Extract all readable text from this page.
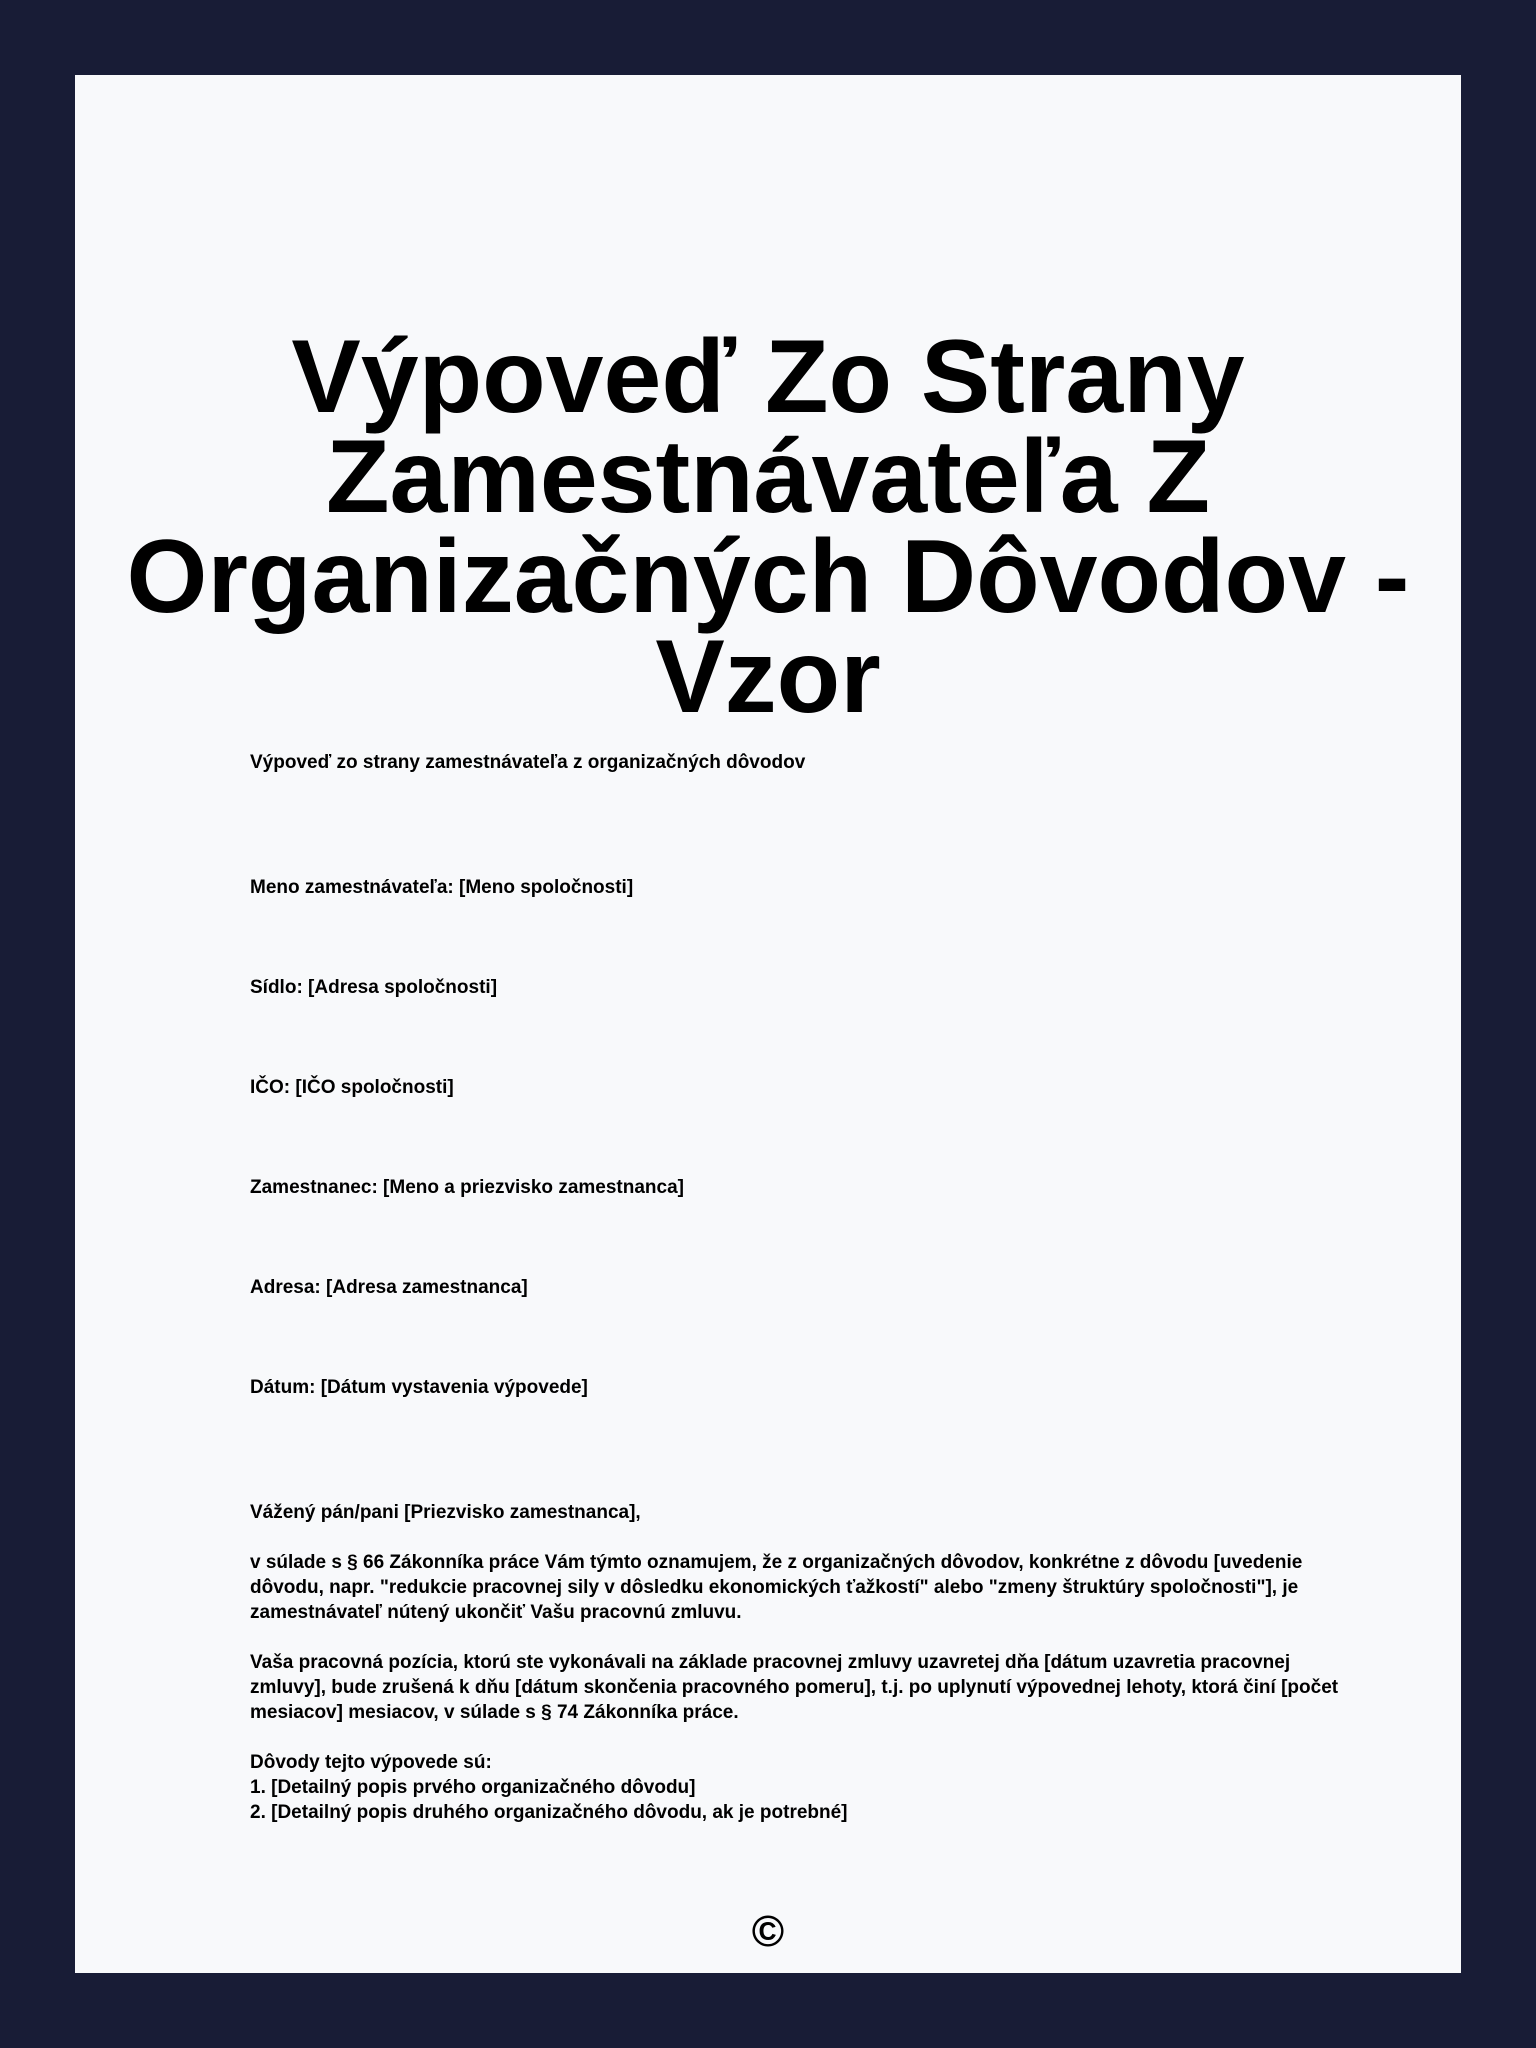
Výpoveď Zo Strany Zamestnávateľa Z Organizačných Dôvodov - Vzor

Výpoveď zo strany zamestnávateľa z organizačných dôvodov

Meno zamestnávateľa: [Meno spoločnosti]

Sídlo: [Adresa spoločnosti]

IČO: [IČO spoločnosti]

Zamestnanec: [Meno a priezvisko zamestnanca]

Adresa: [Adresa zamestnanca]

Dátum: [Dátum vystavenia výpovede]

Vážený pán/pani [Priezvisko zamestnanca],

v súlade s § 66 Zákonníka práce Vám týmto oznamujem, že z organizačných dôvodov, konkrétne z dôvodu [uvedenie dôvodu, napr. "redukcie pracovnej sily v dôsledku ekonomických ťažkostí" alebo "zmeny štruktúry spoločnosti"], je zamestnávateľ nútený ukončiť Vašu pracovnú zmluvu.

Vaša pracovná pozícia, ktorú ste vykonávali na základe pracovnej zmluvy uzavretej dňa [dátum uzavretia pracovnej zmluvy], bude zrušená k dňu [dátum skončenia pracovného pomeru], t.j. po uplynutí výpovednej lehoty, ktorá činí [počet mesiacov] mesiacov, v súlade s § 74 Zákonníka práce.

Dôvody tejto výpovede sú:

1. [Detailný popis prvého organizačného dôvodu]
2. [Detailný popis druhého organizačného dôvodu, ak je potrebné]
©
